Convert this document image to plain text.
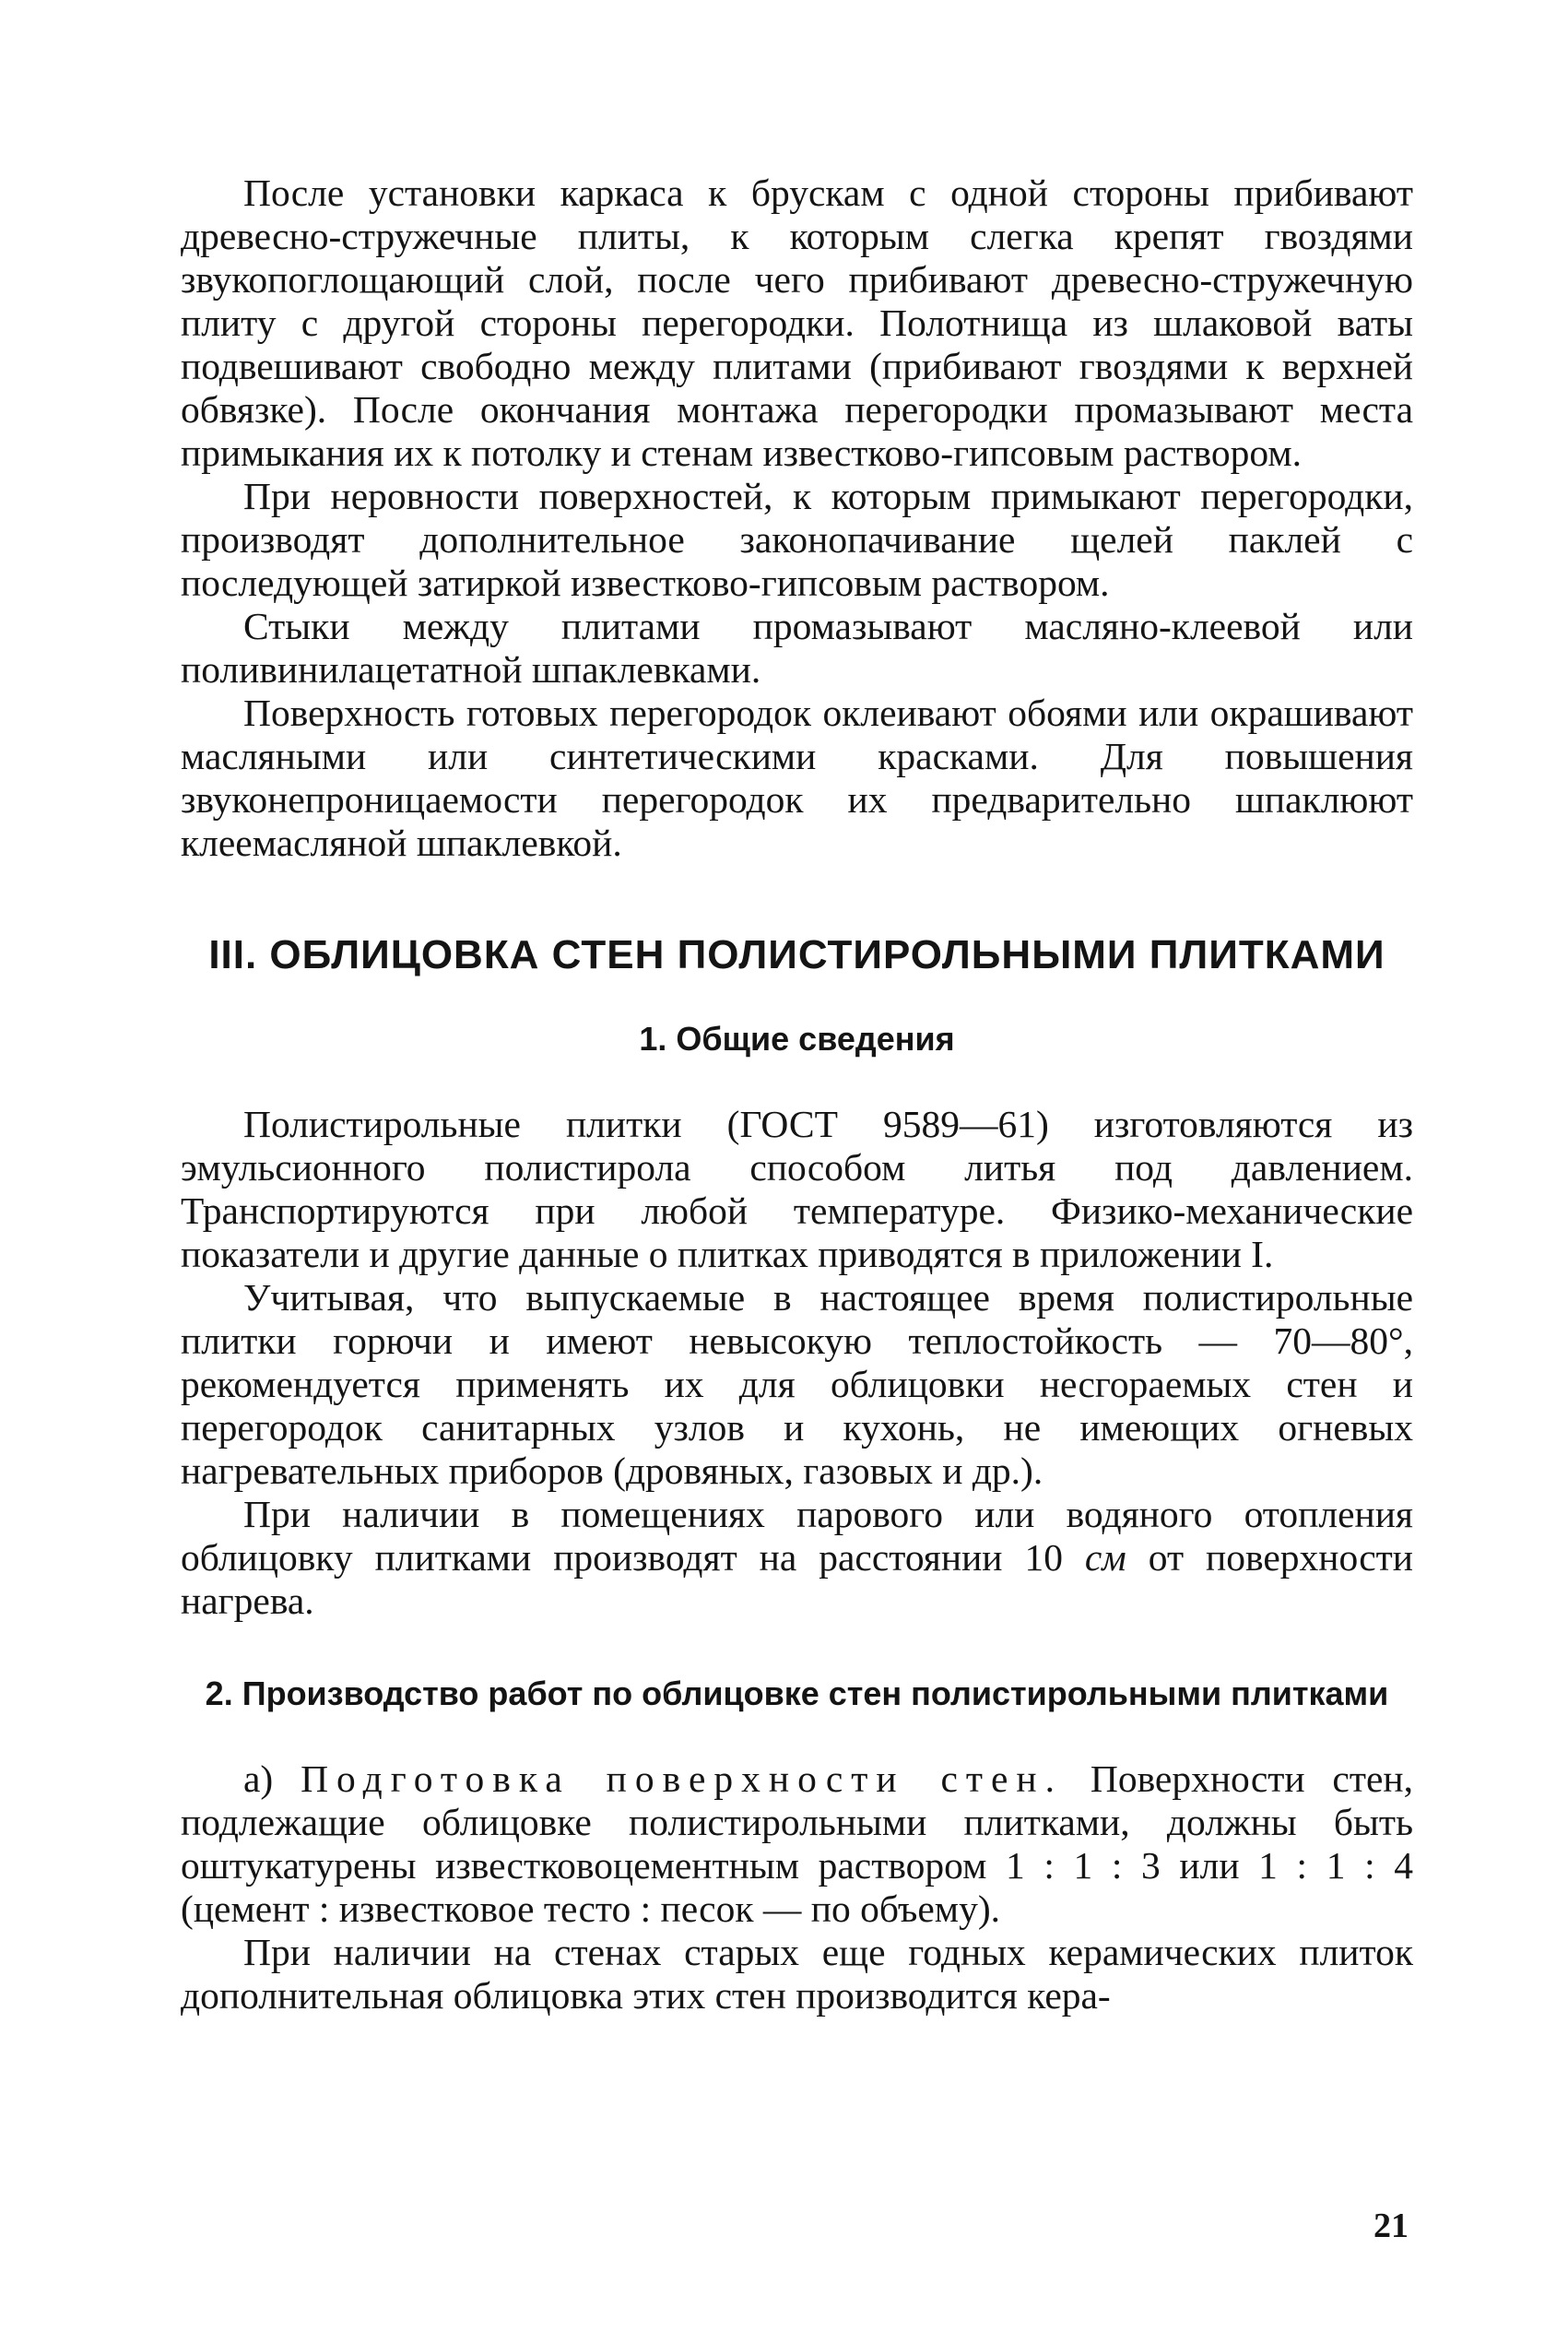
После установки каркаса к брускам с одной стороны прибивают древесно-стружечные плиты, к которым слегка крепят гвоздями звукопоглощающий слой, после чего прибивают древесно-стружечную плиту с другой стороны перегородки. Полотнища из шлаковой ваты подвешивают свободно между плитами (прибивают гвоздями к верхней обвязке). После окончания монтажа перегородки промазывают места примыкания их к потолку и стенам известково-гипсовым раствором.

При неровности поверхностей, к которым примыкают перегородки, производят дополнительное законопачивание щелей паклей с последующей затиркой известково-гипсовым раствором.

Стыки между плитами промазывают масляно-клеевой или поливинилацетатной шпаклевками.

Поверхность готовых перегородок оклеивают обоями или окрашивают масляными или синтетическими красками. Для повышения звуконепроницаемости перегородок их предварительно шпаклюют клеемасляной шпаклевкой.

III. ОБЛИЦОВКА СТЕН ПОЛИСТИРОЛЬНЫМИ ПЛИТКАМИ
1. Общие сведения

Полистирольные плитки (ГОСТ 9589—61) изготовляются из эмульсионного полистирола способом литья под давлением. Транспортируются при любой температуре. Физико-механические показатели и другие данные о плитках приводятся в приложении I.

Учитывая, что выпускаемые в настоящее время полистирольные плитки горючи и имеют невысокую теплостойкость — 70—80°, рекомендуется применять их для облицовки несгораемых стен и перегородок санитарных узлов и кухонь, не имеющих огневых нагревательных приборов (дровяных, газовых и др.).

При наличии в помещениях парового или водяного отопления облицовку плитками производят на расстоянии 10 см от поверхности нагрева.

2. Производство работ по облицовке стен полистирольными плитками

а) Подготовка поверхности стен. Поверхности стен, подлежащие облицовке полистирольными плитками, должны быть оштукатурены известковоцементным раствором 1 : 1 : 3 или 1 : 1 : 4 (цемент : известковое тесто : песок — по объему).

При наличии на стенах старых еще годных керамических плиток дополнительная облицовка этих стен производится кера-

21
